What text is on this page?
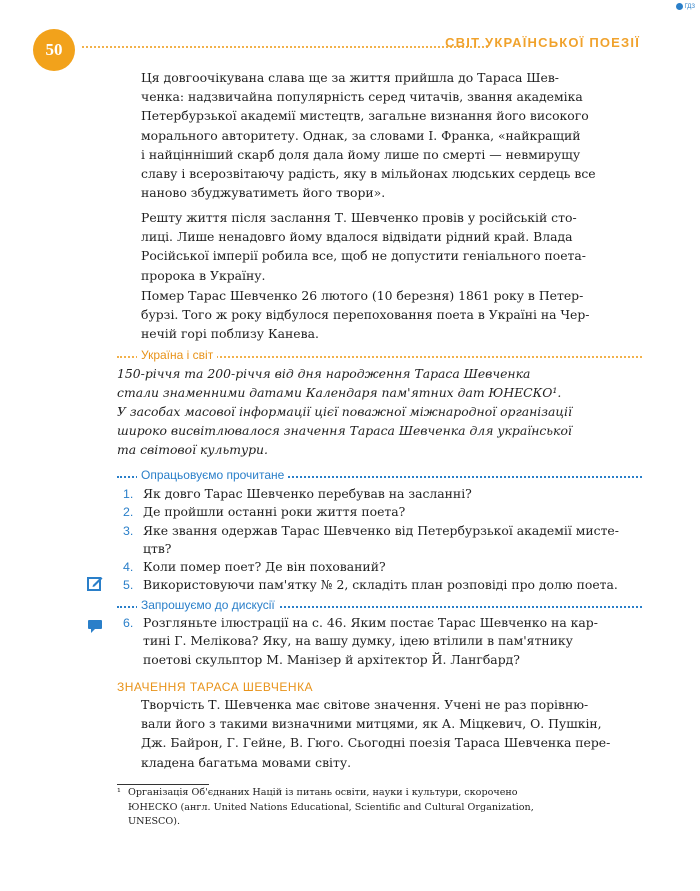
ГДЗ
50	СВІТ УКРАЇНСЬКОЇ ПОЕЗІЇ

Ця довгоочікувана слава ще за життя прийшла до Тараса Шев-
ченка: надзвичайна популярність серед читачів, звання академіка
Петербурзької академії мистецтв, загальне визнання його високого
морального авторитету. Однак, за словами І. Франка, «найкращий
і найцінніший скарб доля дала йому лише по смерті — невмирущу
славу і всерозвітаючу радість, яку в мільйонах людських сердець все
наново збуджуватиметь його твори».

Решту життя після заслання Т. Шевченко провів у російській сто-
лиці. Лише ненадовго йому вдалося відвідати рідний край. Влада
Російської імперії робила все, щоб не допустити геніального поета-
пророка в Україну.

Помер Тарас Шевченко 26 лютого (10 березня) 1861 року в Петер-
бурзі. Того ж року відбулося перепоховання поета в Україні на Чер-
нечій горі поблизу Канева.

Україна і світ

150-річчя та 200-річчя від дня народження Тараса Шевченка
стали знаменними датами Календаря пам'ятних дат ЮНЕСКО¹.
У засобах масової інформації цієї поважної міжнародної організації
широко висвітлювалося значення Тараса Шевченка для української
та світової культури.

Опрацьовуємо прочитане
1. Як довго Тарас Шевченко перебував на засланні?
2. Де пройшли останні роки життя поета?
3. Яке звання одержав Тарас Шевченко від Петербурзької академії мисте-
цтв?
4. Коли помер поет? Де він похований?
5. Використовуючи пам'ятку № 2, складіть план розповіді про долю поета.
Запрошуємо до дискусії
6. Розгляньте ілюстрації на с. 46. Яким постає Тарас Шевченко на кар-
тині Г. Мелікова? Яку, на вашу думку, ідею втілили в пам'ятнику
поетові скульптор М. Манізер й архітектор Й. Лангбард?
ЗНАЧЕННЯ ТАРАСА ШЕВЧЕНКА

Творчість Т. Шевченка має світове значення. Учені не раз порівню-
вали його з такими визначними митцями, як А. Міцкевич, О. Пушкін,
Дж. Байрон, Г. Гейне, В. Гюго. Сьогодні поезія Тараса Шевченка пере-
кладена багатьма мовами світу.

¹ Організація Об'єднаних Націй із питань освіти, науки і культури, скорочено
ЮНЕСКО (англ. United Nations Educational, Scientific and Cultural Organization,
UNESCO).
